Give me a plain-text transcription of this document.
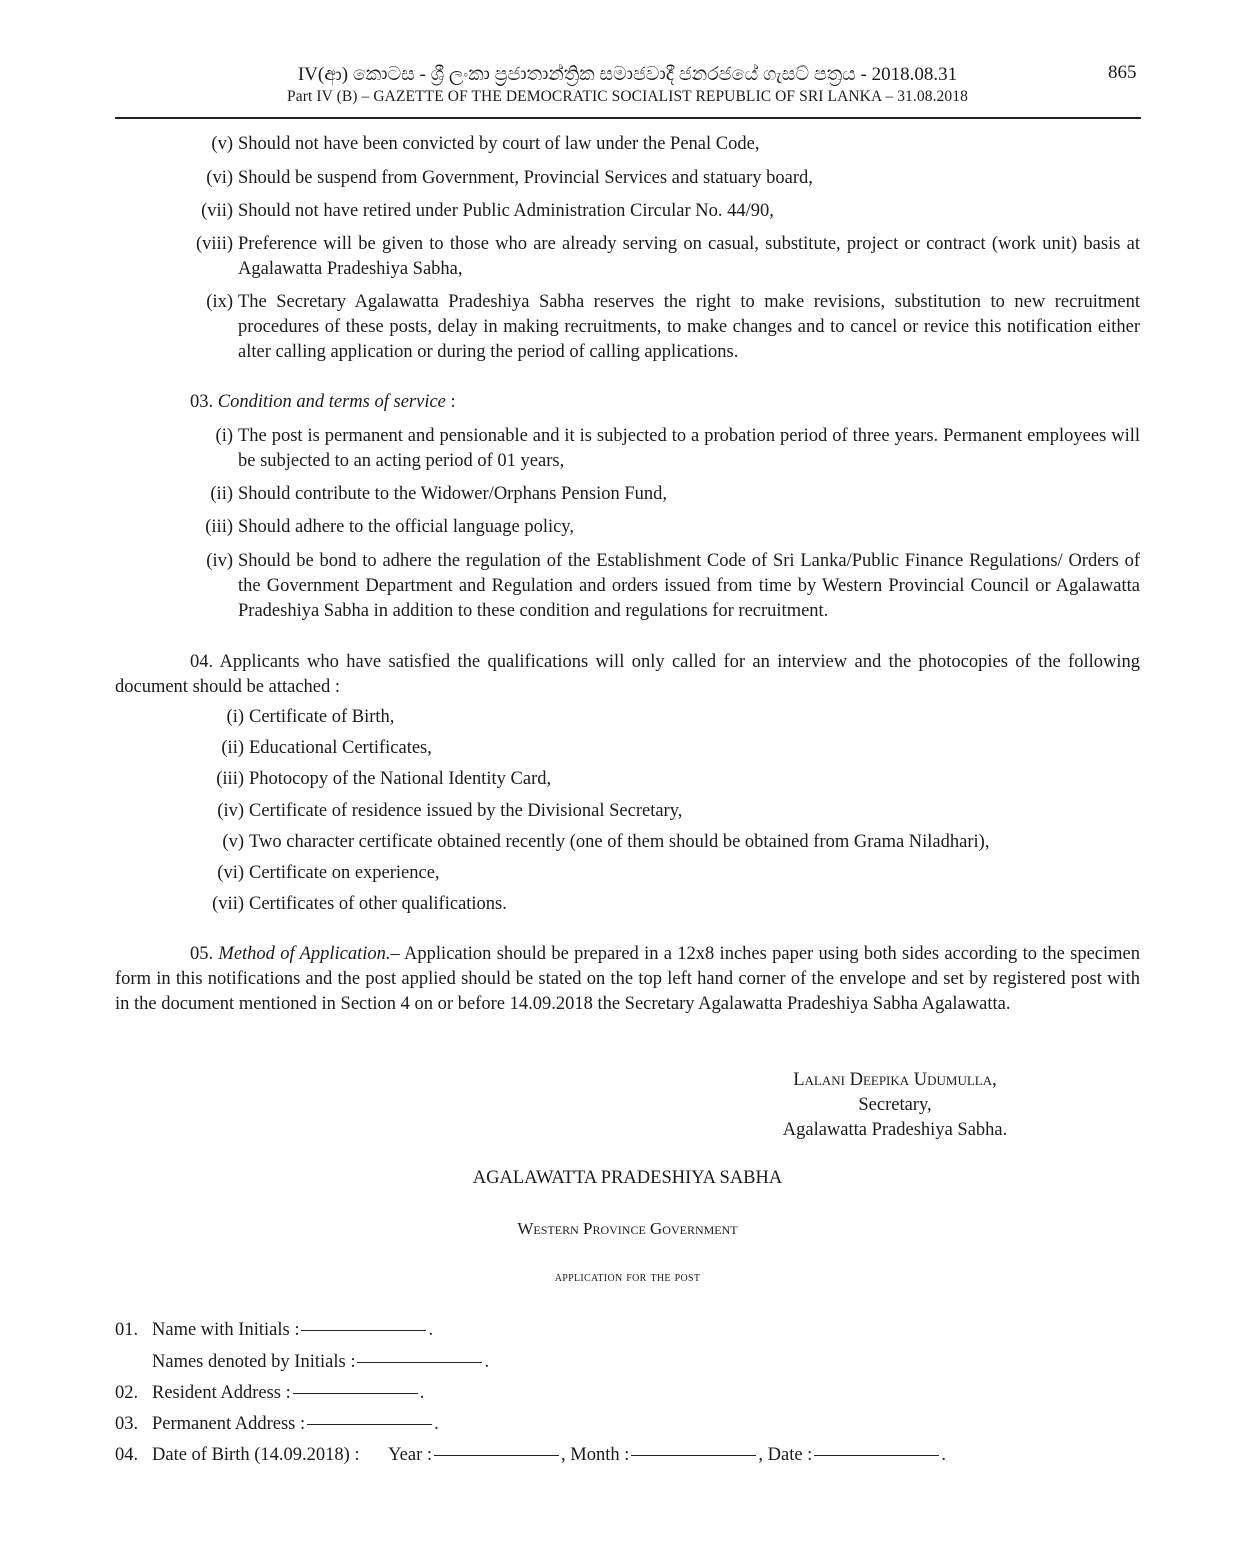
IV(ආ) කොටස - ශ්‍රී ලංකා ප්‍රජාතාන්ත්‍රික සමාජවාදී ජනරජයේ ගැසට් පත්‍රය - 2018.08.31
Part IV (B) – GAZETTE OF THE DEMOCRATIC SOCIALIST REPUBLIC OF SRI LANKA – 31.08.2018
865
(v) Should not have been convicted by court of law under the Penal Code,
(vi) Should be suspend from Government, Provincial Services and statuary board,
(vii) Should not have retired under Public Administration Circular No. 44/90,
(viii) Preference will be given to those who are already serving on casual, substitute, project or contract (work unit) basis at Agalawatta Pradeshiya Sabha,
(ix) The Secretary Agalawatta Pradeshiya Sabha reserves the right to make revisions, substitution to new recruitment procedures of these posts, delay in making recruitments, to make changes and to cancel or revice this notification either alter calling application or during the period of calling applications.
03. Condition and terms of service :
(i) The post is permanent and pensionable and it is subjected to a probation period of three years. Permanent employees will be subjected to an acting period of 01 years,
(ii) Should contribute to the Widower/Orphans Pension Fund,
(iii) Should adhere to the official language policy,
(iv) Should be bond to adhere the regulation of the Establishment Code of Sri Lanka/Public Finance Regulations/ Orders of the Government Department and Regulation and orders issued from time by Western Provincial Council or Agalawatta Pradeshiya Sabha in addition to these condition and regulations for recruitment.
04. Applicants who have satisfied the qualifications will only called for an interview and the photocopies of the following document should be attached :
(i) Certificate of Birth,
(ii) Educational Certificates,
(iii) Photocopy of the National Identity Card,
(iv) Certificate of residence issued by the Divisional Secretary,
(v) Two character certificate obtained recently (one of them should be obtained from Grama Niladhari),
(vi) Certificate on experience,
(vii) Certificates of other qualifications.
05. Method of Application.– Application should be prepared in a 12x8 inches paper using both sides according to the specimen form in this notifications and the post applied should be stated on the top left hand corner of the envelope and set by registered post with in the document mentioned in Section 4 on or before 14.09.2018 the Secretary Agalawatta Pradeshiya Sabha Agalawatta.
Lalani Deepika Udumulla,
Secretary,
Agalawatta Pradeshiya Sabha.
AGALAWATTA PRADESHIYA SABHA
Western Province Government
application for the post
01. Name with Initials :	.
Names denoted by Initials :	.
02. Resident Address :	.
03. Permanent Address :	.
04. Date of Birth (14.09.2018) : Year :	, Month :	, Date :	.
